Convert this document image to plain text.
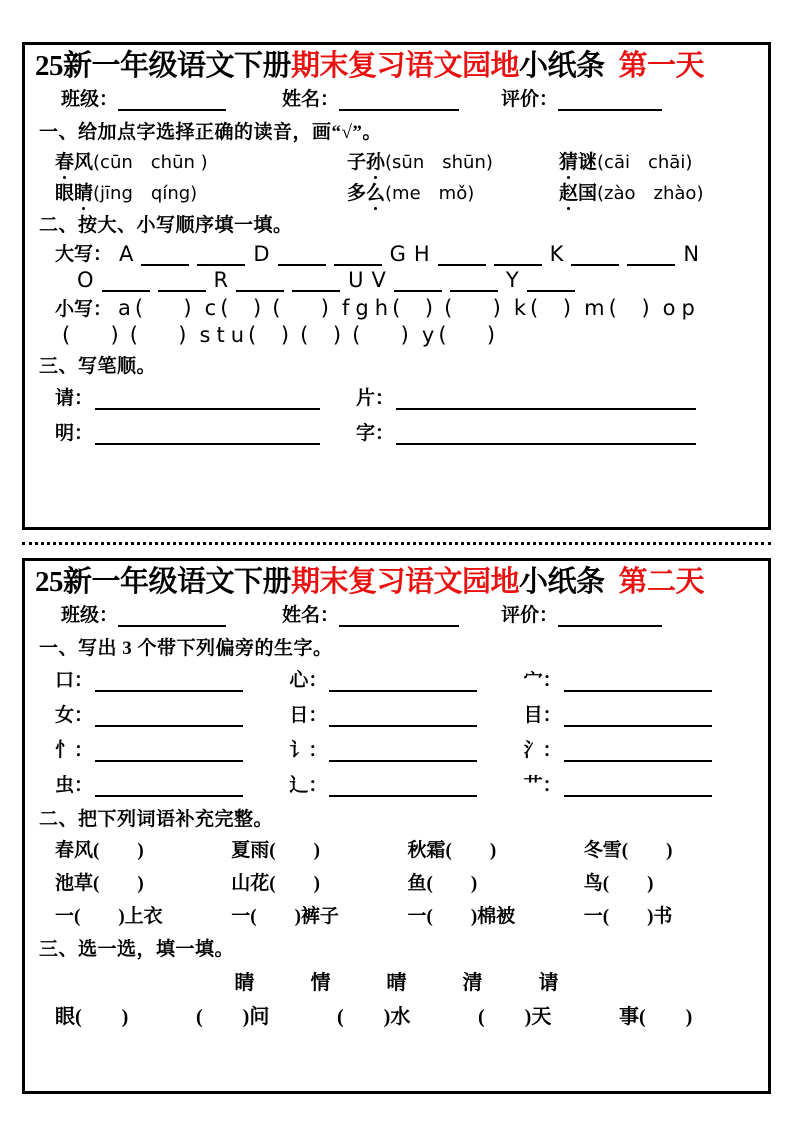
25新一年级语文下册 期末复习语文园地 小纸条 第一天
班级：	姓名：	评价：
一、给加点字选择正确的读音，画“√”。
春风(cūn　chūn )	子孙(sūn　shūn)	猜谜(cāi　chāi)
眼睛(jīng　qíng)	多么(me　mǒ)	赵国(zào　zhào)
二、按大、小写顺序填一填。
大写： A	D	G H	K	N
O	R	U V	Y
小写： a (  ) c ( ) (  ) f g h ( ) (  ) k ( ) m ( ) o p
(  ) (  ) s t u ( ) ( ) (  ) y (  )
三、写笔顺。
请：	片：
明：	字：
25新一年级语文下册 期末复习语文园地 小纸条 第二天
班级：	姓名：	评价：
一、写出 3 个带下列偏旁的生字。
口：	心：	宀：
女：	日：	目：
忄：	讠：	氵：
虫：	辶：	艹：
二、把下列词语补充完整。
春风(　　)	夏雨(　　)	秋霜(　　)	冬雪(　　)
池草(　　)	山花(　　)	鱼(　　)	鸟(　　)
一(　　)上衣	一(　　)裤子	一(　　)棉被	一(　　)书
三、选一选，填一填。
睛	情	晴	清	请
眼(　　)	(　　)问	(　　)水	(　　)天	事(　　)
